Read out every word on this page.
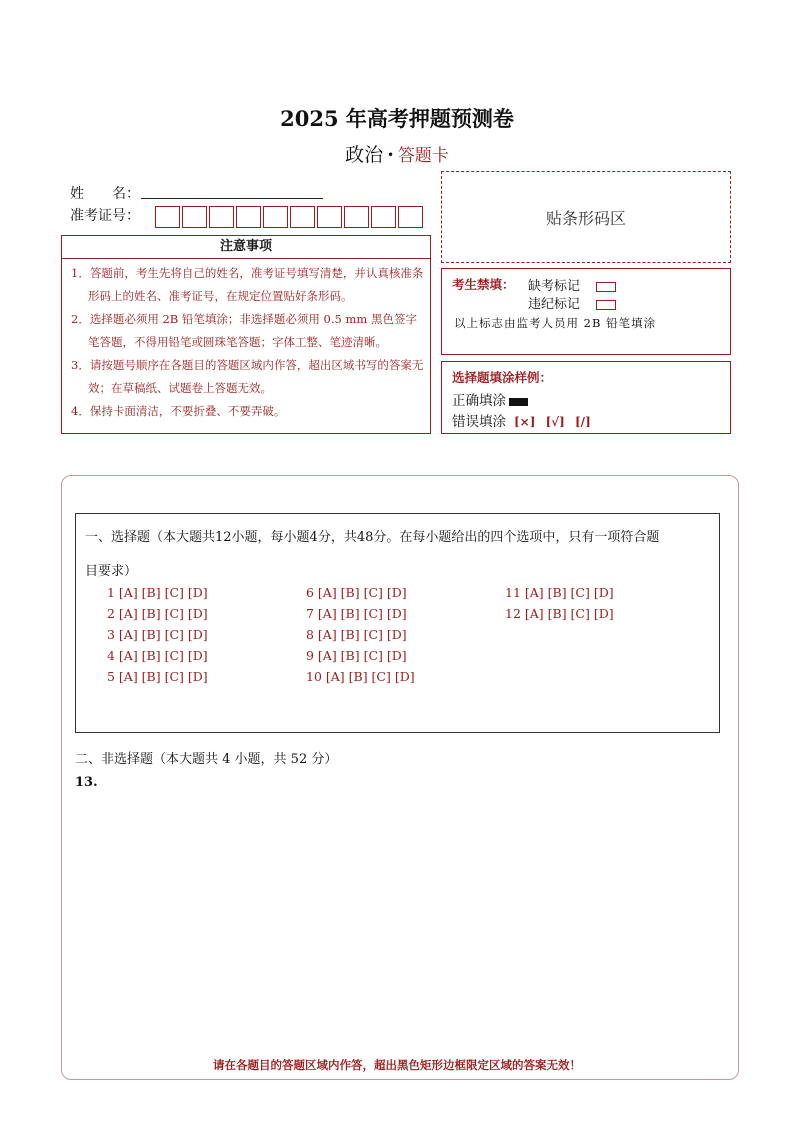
2025 年高考押题预测卷
政治 · 答题卡
姓　　名：
准考证号：	贴条形码区
注意事项
1．答题前，考生先将自己的姓名，准考证号填写清楚，并认真核准条形码上的姓名、准考证号，在规定位置贴好条形码。
2．选择题必须用 2B 铅笔填涂；非选择题必须用 0.5 mm 黑色签字笔答题，不得用铅笔或圆珠笔答题；字体工整、笔迹清晰。
3．请按题号顺序在各题目的答题区域内作答，超出区域书写的答案无效；在草稿纸、试题卷上答题无效。
4．保持卡面清洁，不要折叠、不要弄破。
考生禁填： 缺考标记
违纪标记
以上标志由监考人员用 2B 铅笔填涂
选择题填涂样例：
正确填涂
错误填涂 [×] [√] [/]
一、选择题（本大题共12小题，每小题4分，共48分。在每小题给出的四个选项中，只有一项符合题
目要求）
1 [A] [B] [C] [D]
2 [A] [B] [C] [D]
3 [A] [B] [C] [D]
4 [A] [B] [C] [D]
5 [A] [B] [C] [D]
6 [A] [B] [C] [D]
7 [A] [B] [C] [D]
8 [A] [B] [C] [D]
9 [A] [B] [C] [D]
10 [A] [B] [C] [D]
11 [A] [B] [C] [D]
12 [A] [B] [C] [D]
二、非选择题（本大题共 4 小题，共 52 分）
13.
请在各题目的答题区域内作答，超出黑色矩形边框限定区域的答案无效！
